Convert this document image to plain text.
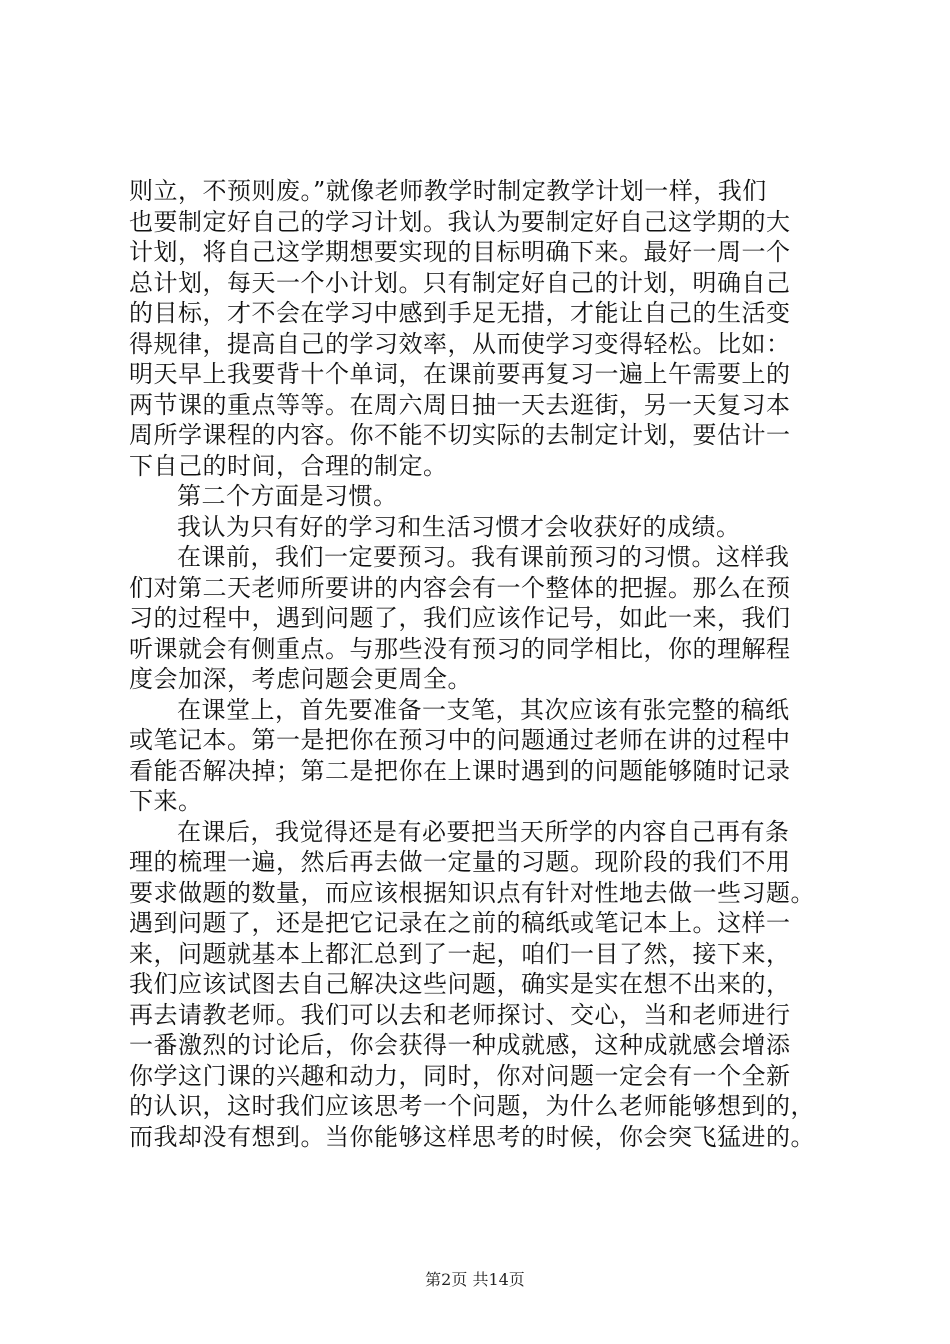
则立，不预则废。”就像老师教学时制定教学计划一样，我们
也要制定好自己的学习计划。我认为要制定好自己这学期的大
计划，将自己这学期想要实现的目标明确下来。最好一周一个
总计划，每天一个小计划。只有制定好自己的计划，明确自己
的目标，才不会在学习中感到手足无措，才能让自己的生活变
得规律，提高自己的学习效率，从而使学习变得轻松。比如：
明天早上我要背十个单词，在课前要再复习一遍上午需要上的
两节课的重点等等。在周六周日抽一天去逛街，另一天复习本
周所学课程的内容。你不能不切实际的去制定计划，要估计一
下自己的时间，合理的制定。
第二个方面是习惯。
我认为只有好的学习和生活习惯才会收获好的成绩。
在课前，我们一定要预习。我有课前预习的习惯。这样我
们对第二天老师所要讲的内容会有一个整体的把握。那么在预
习的过程中，遇到问题了，我们应该作记号，如此一来，我们
听课就会有侧重点。与那些没有预习的同学相比，你的理解程
度会加深，考虑问题会更周全。
在课堂上，首先要准备一支笔，其次应该有张完整的稿纸
或笔记本。第一是把你在预习中的问题通过老师在讲的过程中
看能否解决掉；第二是把你在上课时遇到的问题能够随时记录
下来。
在课后，我觉得还是有必要把当天所学的内容自己再有条
理的梳理一遍，然后再去做一定量的习题。现阶段的我们不用
要求做题的数量，而应该根据知识点有针对性地去做一些习题。
遇到问题了，还是把它记录在之前的稿纸或笔记本上。这样一
来，问题就基本上都汇总到了一起，咱们一目了然，接下来，
我们应该试图去自己解决这些问题，确实是实在想不出来的，
再去请教老师。我们可以去和老师探讨、交心，当和老师进行
一番激烈的讨论后，你会获得一种成就感，这种成就感会增添
你学这门课的兴趣和动力，同时，你对问题一定会有一个全新
的认识，这时我们应该思考一个问题，为什么老师能够想到的，
而我却没有想到。当你能够这样思考的时候，你会突飞猛进的。
第2页 共14页
